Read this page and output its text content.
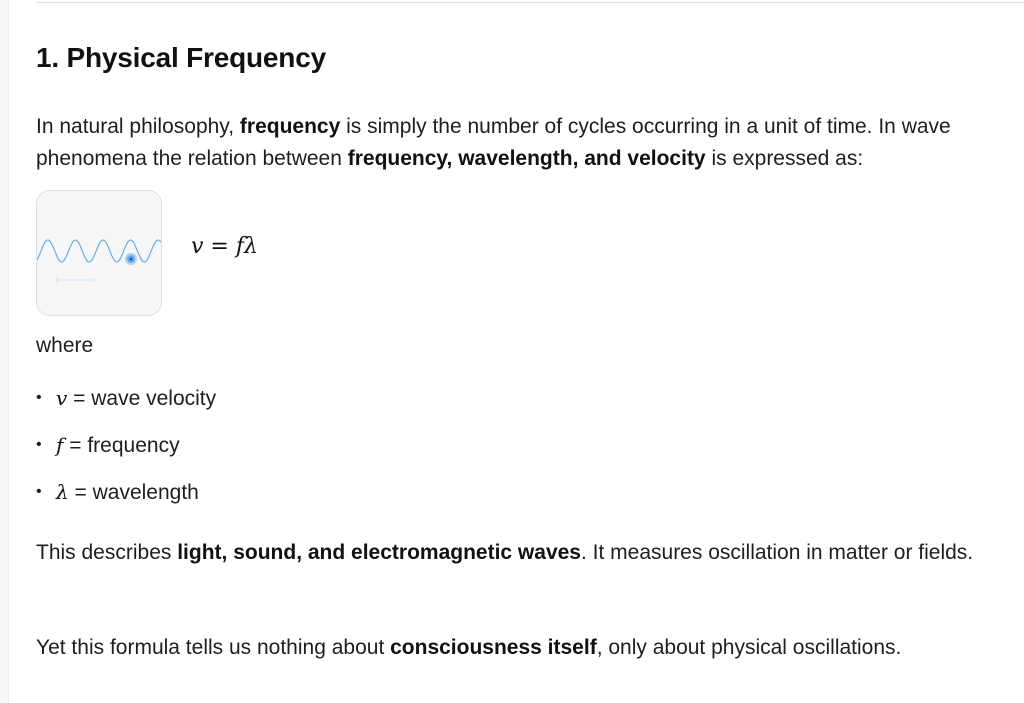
1. Physical Frequency

In natural philosophy, frequency is simply the number of cycles occurring in a unit of time. In wave phenomena the relation between frequency, wavelength, and velocity is expressed as:

v = fλ

where

• v = wave velocity
• f = frequency
• λ = wavelength

This describes light, sound, and electromagnetic waves. It measures oscillation in matter or fields.

Yet this formula tells us nothing about consciousness itself, only about physical oscillations.
